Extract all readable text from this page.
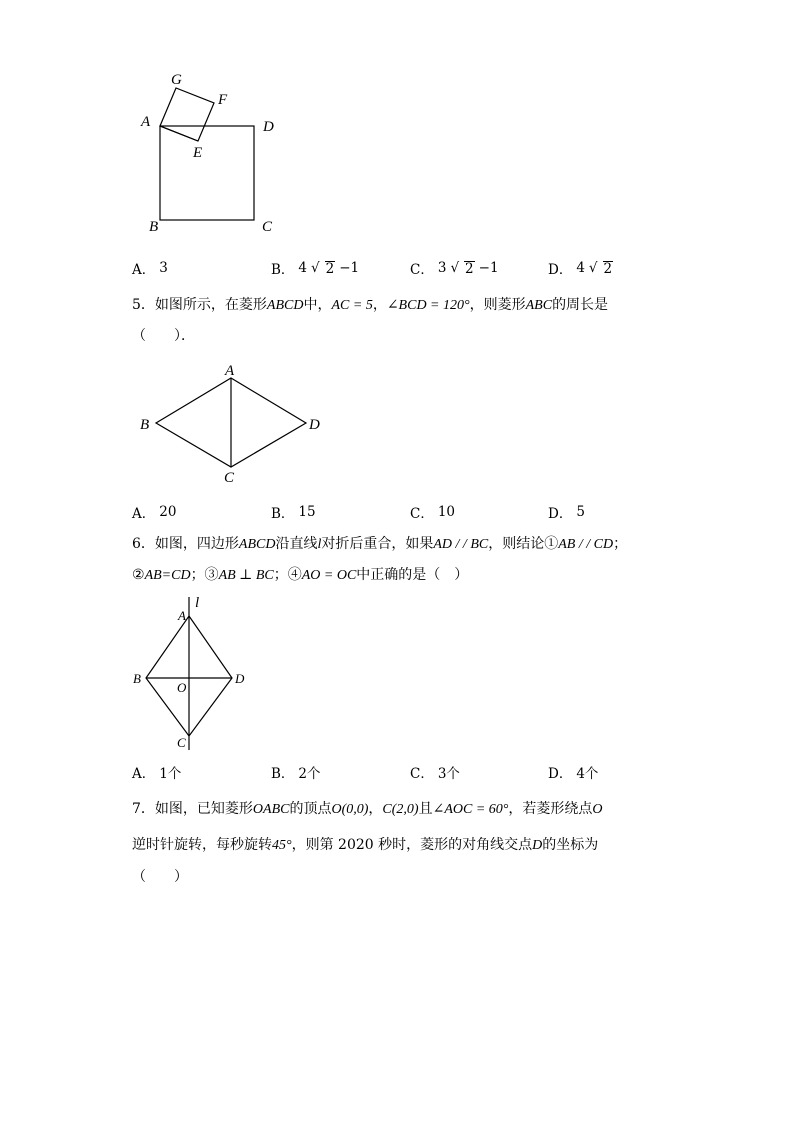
G
F
A	D
E
B	C
A． 3	B． 4 √ 2 −1	C． 3 √ 2 −1	D． 4 √ 2
5．如图所示，在菱形ABCD中，AC = 5，∠BCD = 120°，则菱形ABC的周长是
（　　）．
A
B	D
C
A． 20	B． 15	C． 10	D． 5
6．如图，四边形ABCD沿直线l对折后重合，如果AD / / BC，则结论①AB / / CD；
②AB=CD；③AB ⊥ BC；④AO = OC中正确的是（　）
l
A
B
O
D
C
A． 1个	B． 2个	C． 3个	D． 4个
7．如图，已知菱形OABC的顶点O(0,0)，C(2,0)且∠AOC = 60°，若菱形绕点O
逆时针旋转，每秒旋转45°，则第 2020 秒时，菱形的对角线交点D的坐标为
（　　）
